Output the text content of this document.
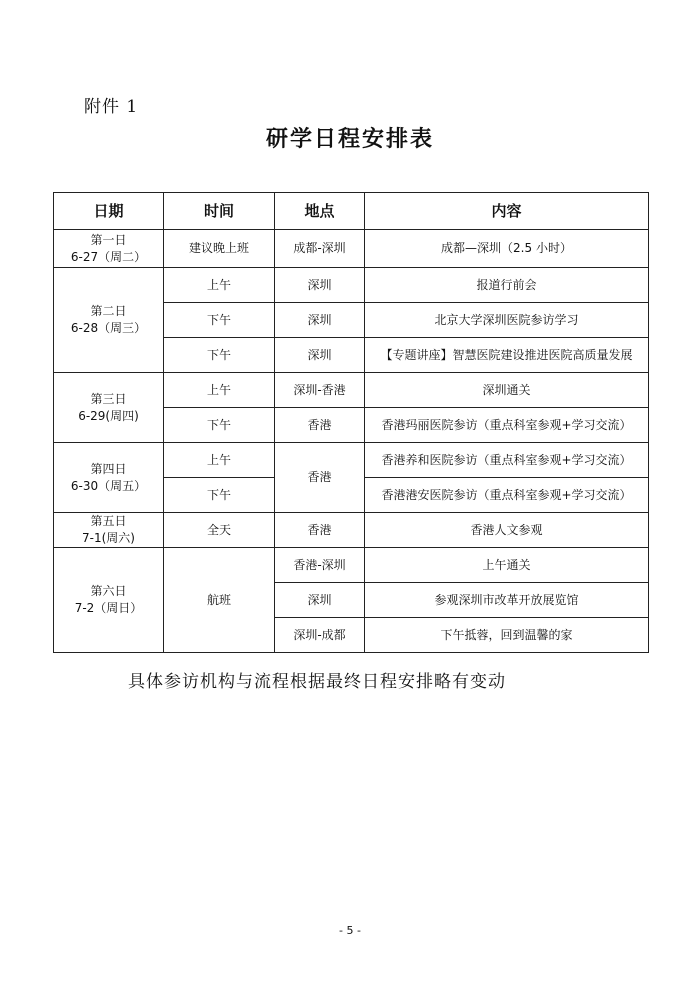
附件 1
研学日程安排表
日期	时间	地点	内容

第一日
6-27（周二）	建议晚上班	成都-深圳	成都—深圳（2.5 小时）

第二日
6-28（周三）	上午	深圳	报道行前会
	下午	深圳	北京大学深圳医院参访学习
	下午	深圳	【专题讲座】智慧医院建设推进医院高质量发展

第三日
6-29(周四)	上午	深圳-香港	深圳通关
	下午	香港	香港玛丽医院参访（重点科室参观+学习交流）

第四日
6-30（周五）	上午	香港	香港养和医院参访（重点科室参观+学习交流）
	下午		香港港安医院参访（重点科室参观+学习交流）

第五日
7-1(周六)	全天	香港	香港人文参观

第六日
7-2（周日）	航班	香港-深圳	上午通关
		深圳	参观深圳市改革开放展览馆
		深圳-成都	下午抵蓉，回到温馨的家
具体参访机构与流程根据最终日程安排略有变动
- 5 -
